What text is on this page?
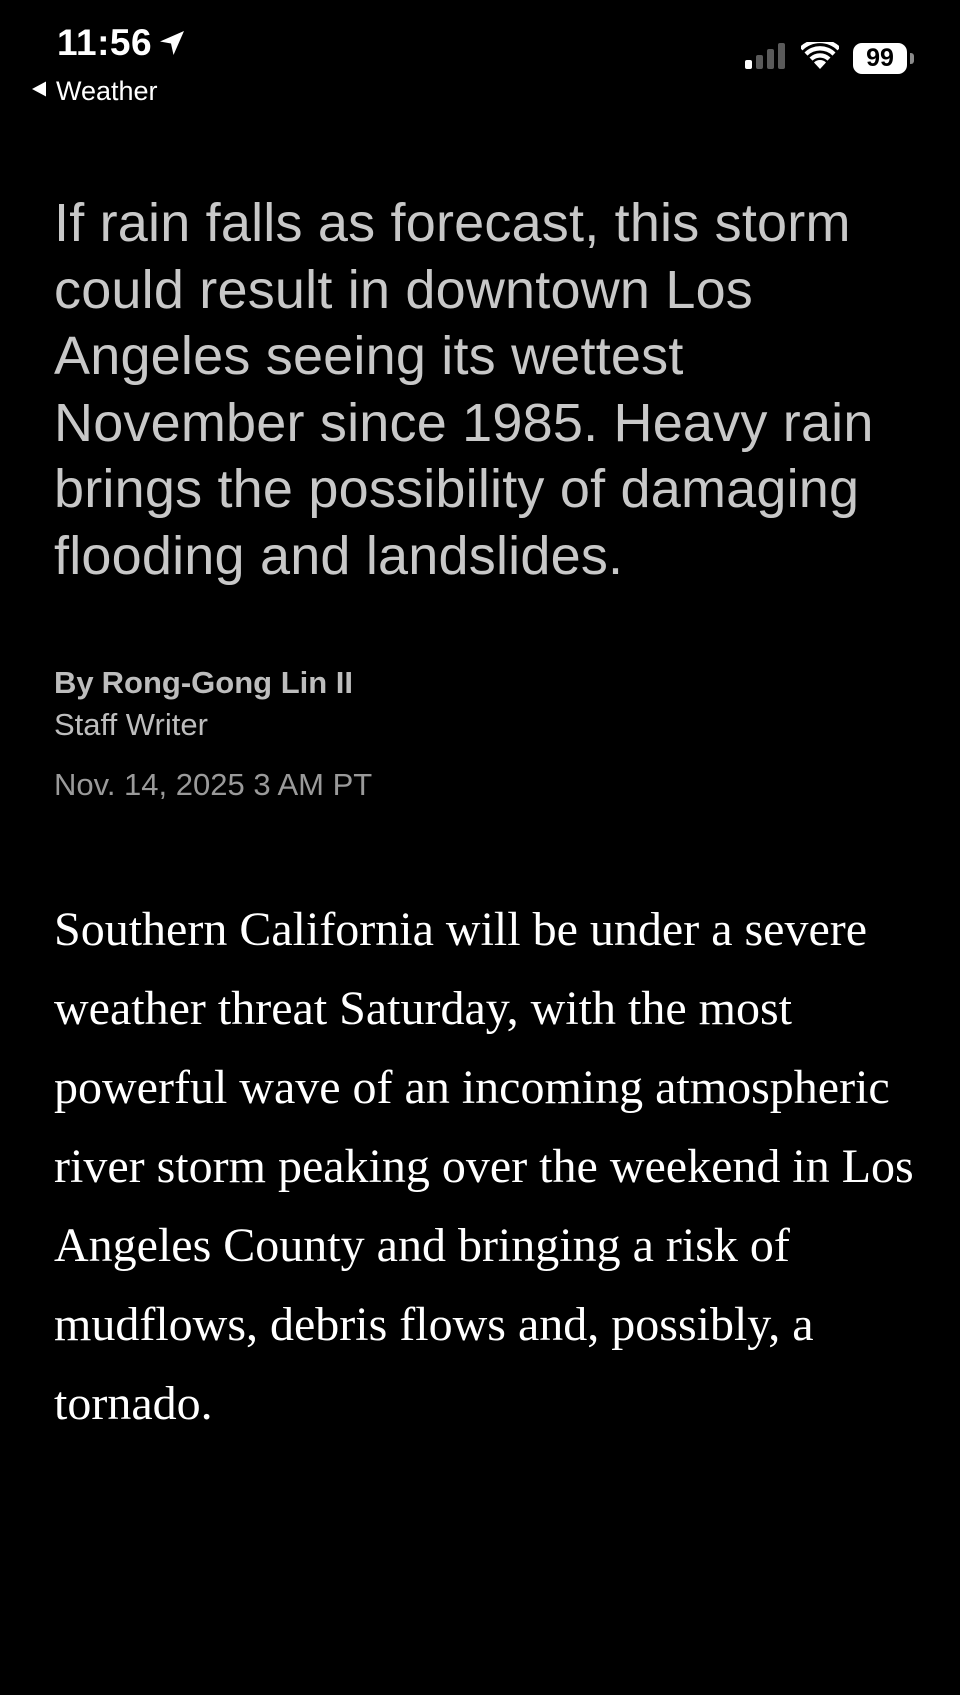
11:56
Weather
99

If rain falls as forecast, this storm could result in downtown Los Angeles seeing its wettest November since 1985. Heavy rain brings the possibility of damaging flooding and landslides.

By Rong-Gong Lin II
Staff Writer
Nov. 14, 2025 3 AM PT

Southern California will be under a severe weather threat Saturday, with the most powerful wave of an incoming atmospheric river storm peaking over the weekend in Los Angeles County and bringing a risk of mudflows, debris flows and, possibly, a tornado.
